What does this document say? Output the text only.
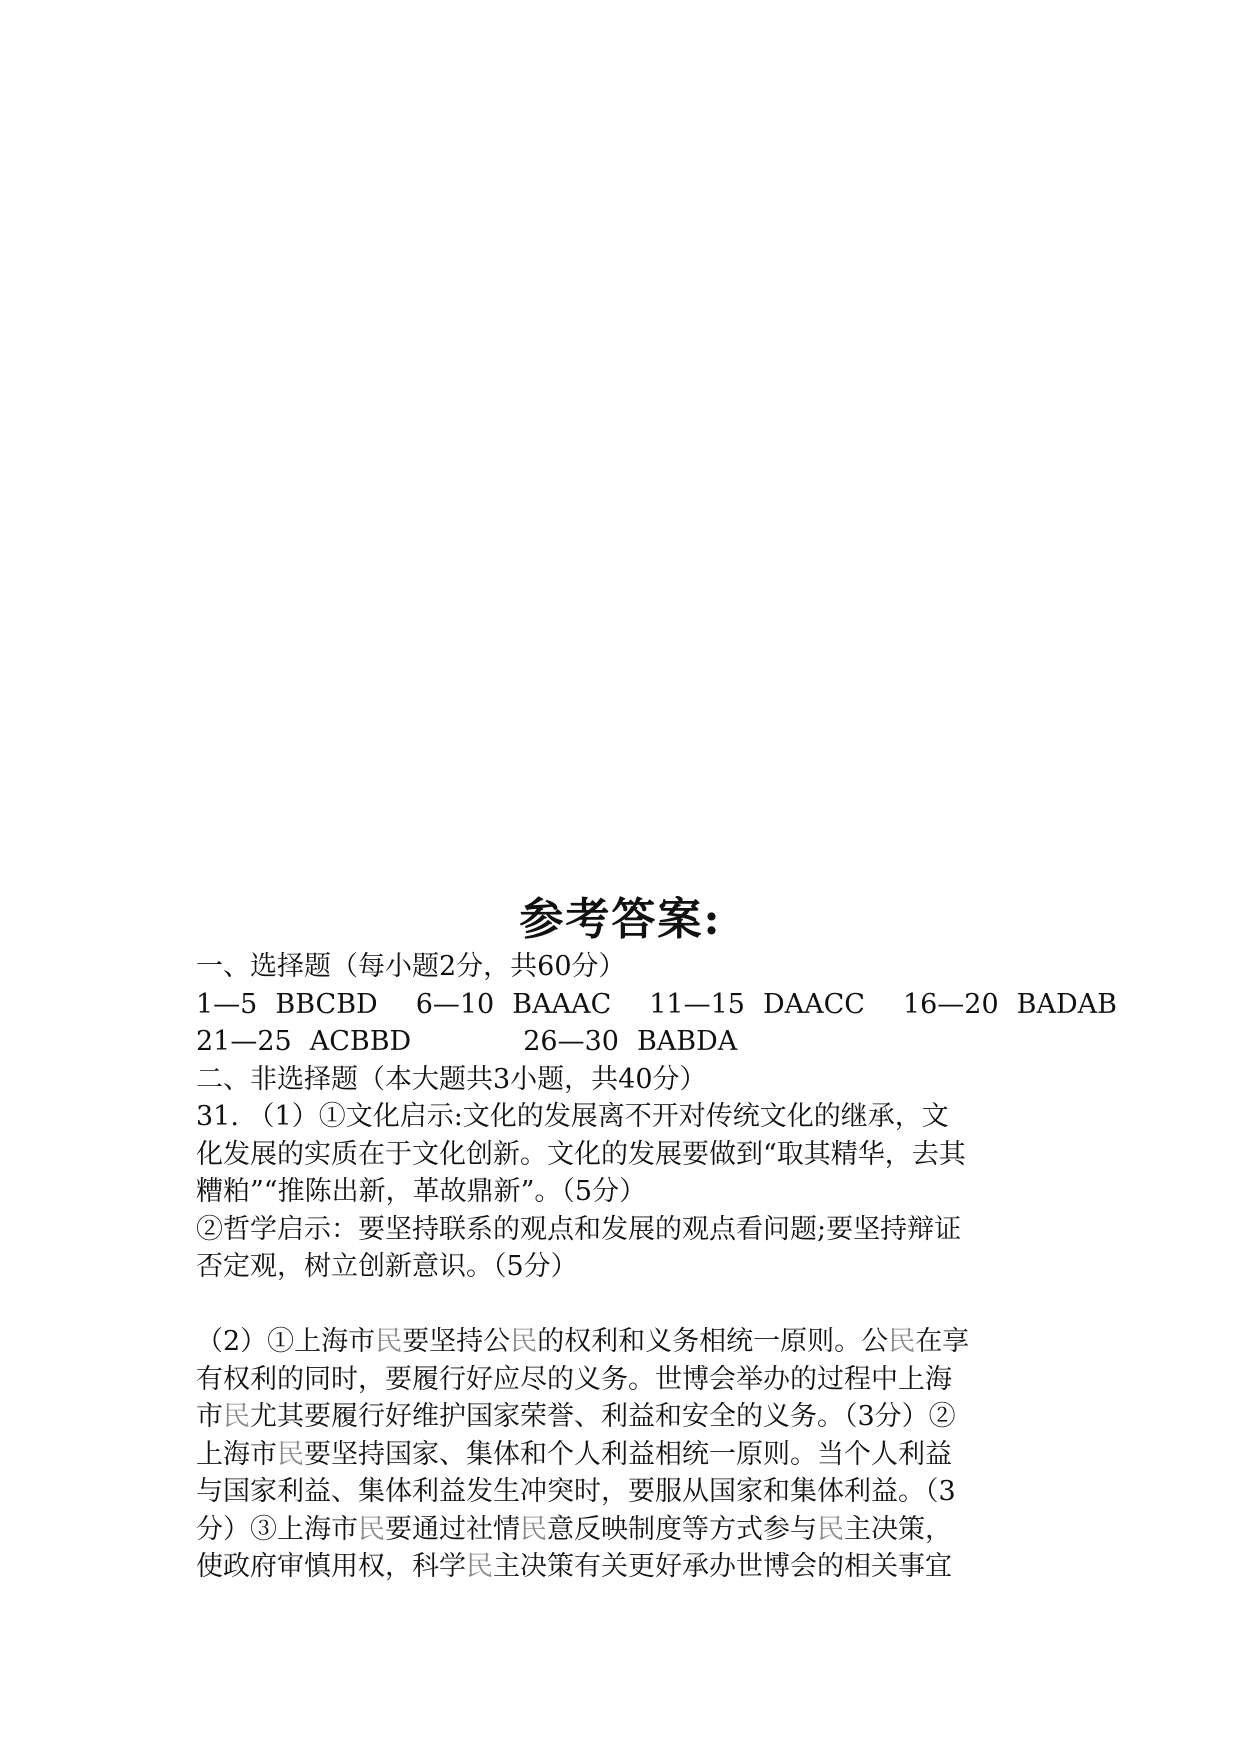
参考答案:
一、选择题（每小题2分，共60分）
1—5 BBCBD 6—10 BAAAC 11—15 DAACC 16—20 BADAB
21—25 ACBBD	26—30 BABDA
二、非选择题（本大题共3小题，共40分）
31. （1）①文化启示:文化的发展离不开对传统文化的继承，文
化发展的实质在于文化创新。文化的发展要做到“取其精华，去其
糟粕”“推陈出新，革故鼎新”。（5分）
②哲学启示：要坚持联系的观点和发展的观点看问题;要坚持辩证
否定观，树立创新意识。（5分）
（2）①上海市民要坚持公民的权利和义务相统一原则。公民在享
有权利的同时，要履行好应尽的义务。世博会举办的过程中上海
市民尤其要履行好维护国家荣誉、利益和安全的义务。（3分）②
上海市民要坚持国家、集体和个人利益相统一原则。当个人利益
与国家利益、集体利益发生冲突时，要服从国家和集体利益。（3
分）③上海市民要通过社情民意反映制度等方式参与民主决策，
使政府审慎用权，科学民主决策有关更好承办世博会的相关事宜
